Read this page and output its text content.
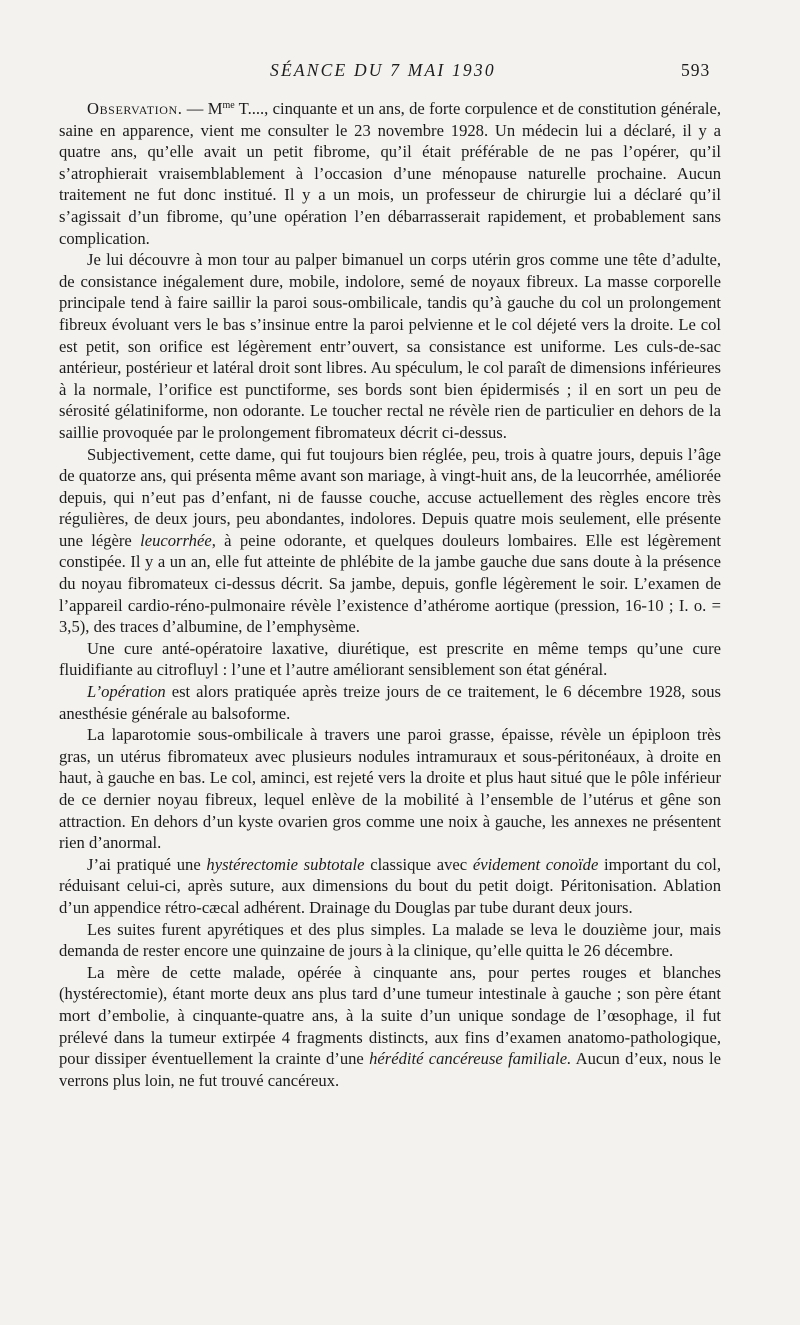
SÉANCE DU 7 MAI 1930	593

Observation. — $M^{me}$ T...., cinquante et un ans, de forte corpulence et de constitution générale, saine en apparence, vient me consulter le 23 novembre 1928. Un médecin lui a déclaré, il y a quatre ans, qu’elle avait un petit fibrome, qu’il était préférable de ne pas l’opérer, qu’il s’atrophierait vraisemblablement à l’occasion d’une ménopause naturelle prochaine. Aucun traitement ne fut donc institué. Il y a un mois, un professeur de chirurgie lui a déclaré qu’il s’agissait d’un fibrome, qu’une opération l’en débarrasserait rapidement, et probablement sans complication.

Je lui découvre à mon tour au palper bimanuel un corps utérin gros comme une tête d’adulte, de consistance inégalement dure, mobile, indolore, semé de noyaux fibreux. La masse corporelle principale tend à faire saillir la paroi sous-ombilicale, tandis qu’à gauche du col un prolongement fibreux évoluant vers le bas s’insinue entre la paroi pelvienne et le col déjeté vers la droite. Le col est petit, son orifice est légèrement entr’ouvert, sa consistance est uniforme. Les culs-de-sac antérieur, postérieur et latéral droit sont libres. Au spéculum, le col paraît de dimensions inférieures à la normale, l’orifice est punctiforme, ses bords sont bien épidermisés ; il en sort un peu de sérosité gélatiniforme, non odorante. Le toucher rectal ne révèle rien de particulier en dehors de la saillie provoquée par le prolongement fibromateux décrit ci-dessus.

Subjectivement, cette dame, qui fut toujours bien réglée, peu, trois à quatre jours, depuis l’âge de quatorze ans, qui présenta même avant son mariage, à vingt-huit ans, de la leucorrhée, améliorée depuis, qui n’eut pas d’enfant, ni de fausse couche, accuse actuellement des règles encore très régulières, de deux jours, peu abondantes, indolores. Depuis quatre mois seulement, elle présente une légère leucorrhée, à peine odorante, et quelques douleurs lombaires. Elle est légèrement constipée. Il y a un an, elle fut atteinte de phlébite de la jambe gauche due sans doute à la présence du noyau fibromateux ci-dessus décrit. Sa jambe, depuis, gonfle légèrement le soir. L’examen de l’appareil cardio-réno-pulmonaire révèle l’existence d’athérome aortique (pression, 16-10 ; I. o. = 3,5), des traces d’albumine, de l’emphysème.

Une cure anté-opératoire laxative, diurétique, est prescrite en même temps qu’une cure fluidifiante au citrofluyl : l’une et l’autre améliorant sensiblement son état général.

L’opération est alors pratiquée après treize jours de ce traitement, le 6 décembre 1928, sous anesthésie générale au balsoforme.

La laparotomie sous-ombilicale à travers une paroi grasse, épaisse, révèle un épiploon très gras, un utérus fibromateux avec plusieurs nodules intramuraux et sous-péritonéaux, à droite en haut, à gauche en bas. Le col, aminci, est rejeté vers la droite et plus haut situé que le pôle inférieur de ce dernier noyau fibreux, lequel enlève de la mobilité à l’ensemble de l’utérus et gêne son attraction. En dehors d’un kyste ovarien gros comme une noix à gauche, les annexes ne présentent rien d’anormal.

J’ai pratiqué une hystérectomie subtotale classique avec évidement conoïde important du col, réduisant celui-ci, après suture, aux dimensions du bout du petit doigt. Péritonisation. Ablation d’un appendice rétro-cæcal adhérent. Drainage du Douglas par tube durant deux jours.

Les suites furent apyrétiques et des plus simples. La malade se leva le douzième jour, mais demanda de rester encore une quinzaine de jours à la clinique, qu’elle quitta le 26 décembre.

La mère de cette malade, opérée à cinquante ans, pour pertes rouges et blanches (hystérectomie), étant morte deux ans plus tard d’une tumeur intestinale à gauche ; son père étant mort d’embolie, à cinquante-quatre ans, à la suite d’un unique sondage de l’œsophage, il fut prélevé dans la tumeur extirpée 4 fragments distincts, aux fins d’examen anatomo-pathologique, pour dissiper éventuellement la crainte d’une hérédité cancéreuse familiale. Aucun d’eux, nous le verrons plus loin, ne fut trouvé cancéreux.
